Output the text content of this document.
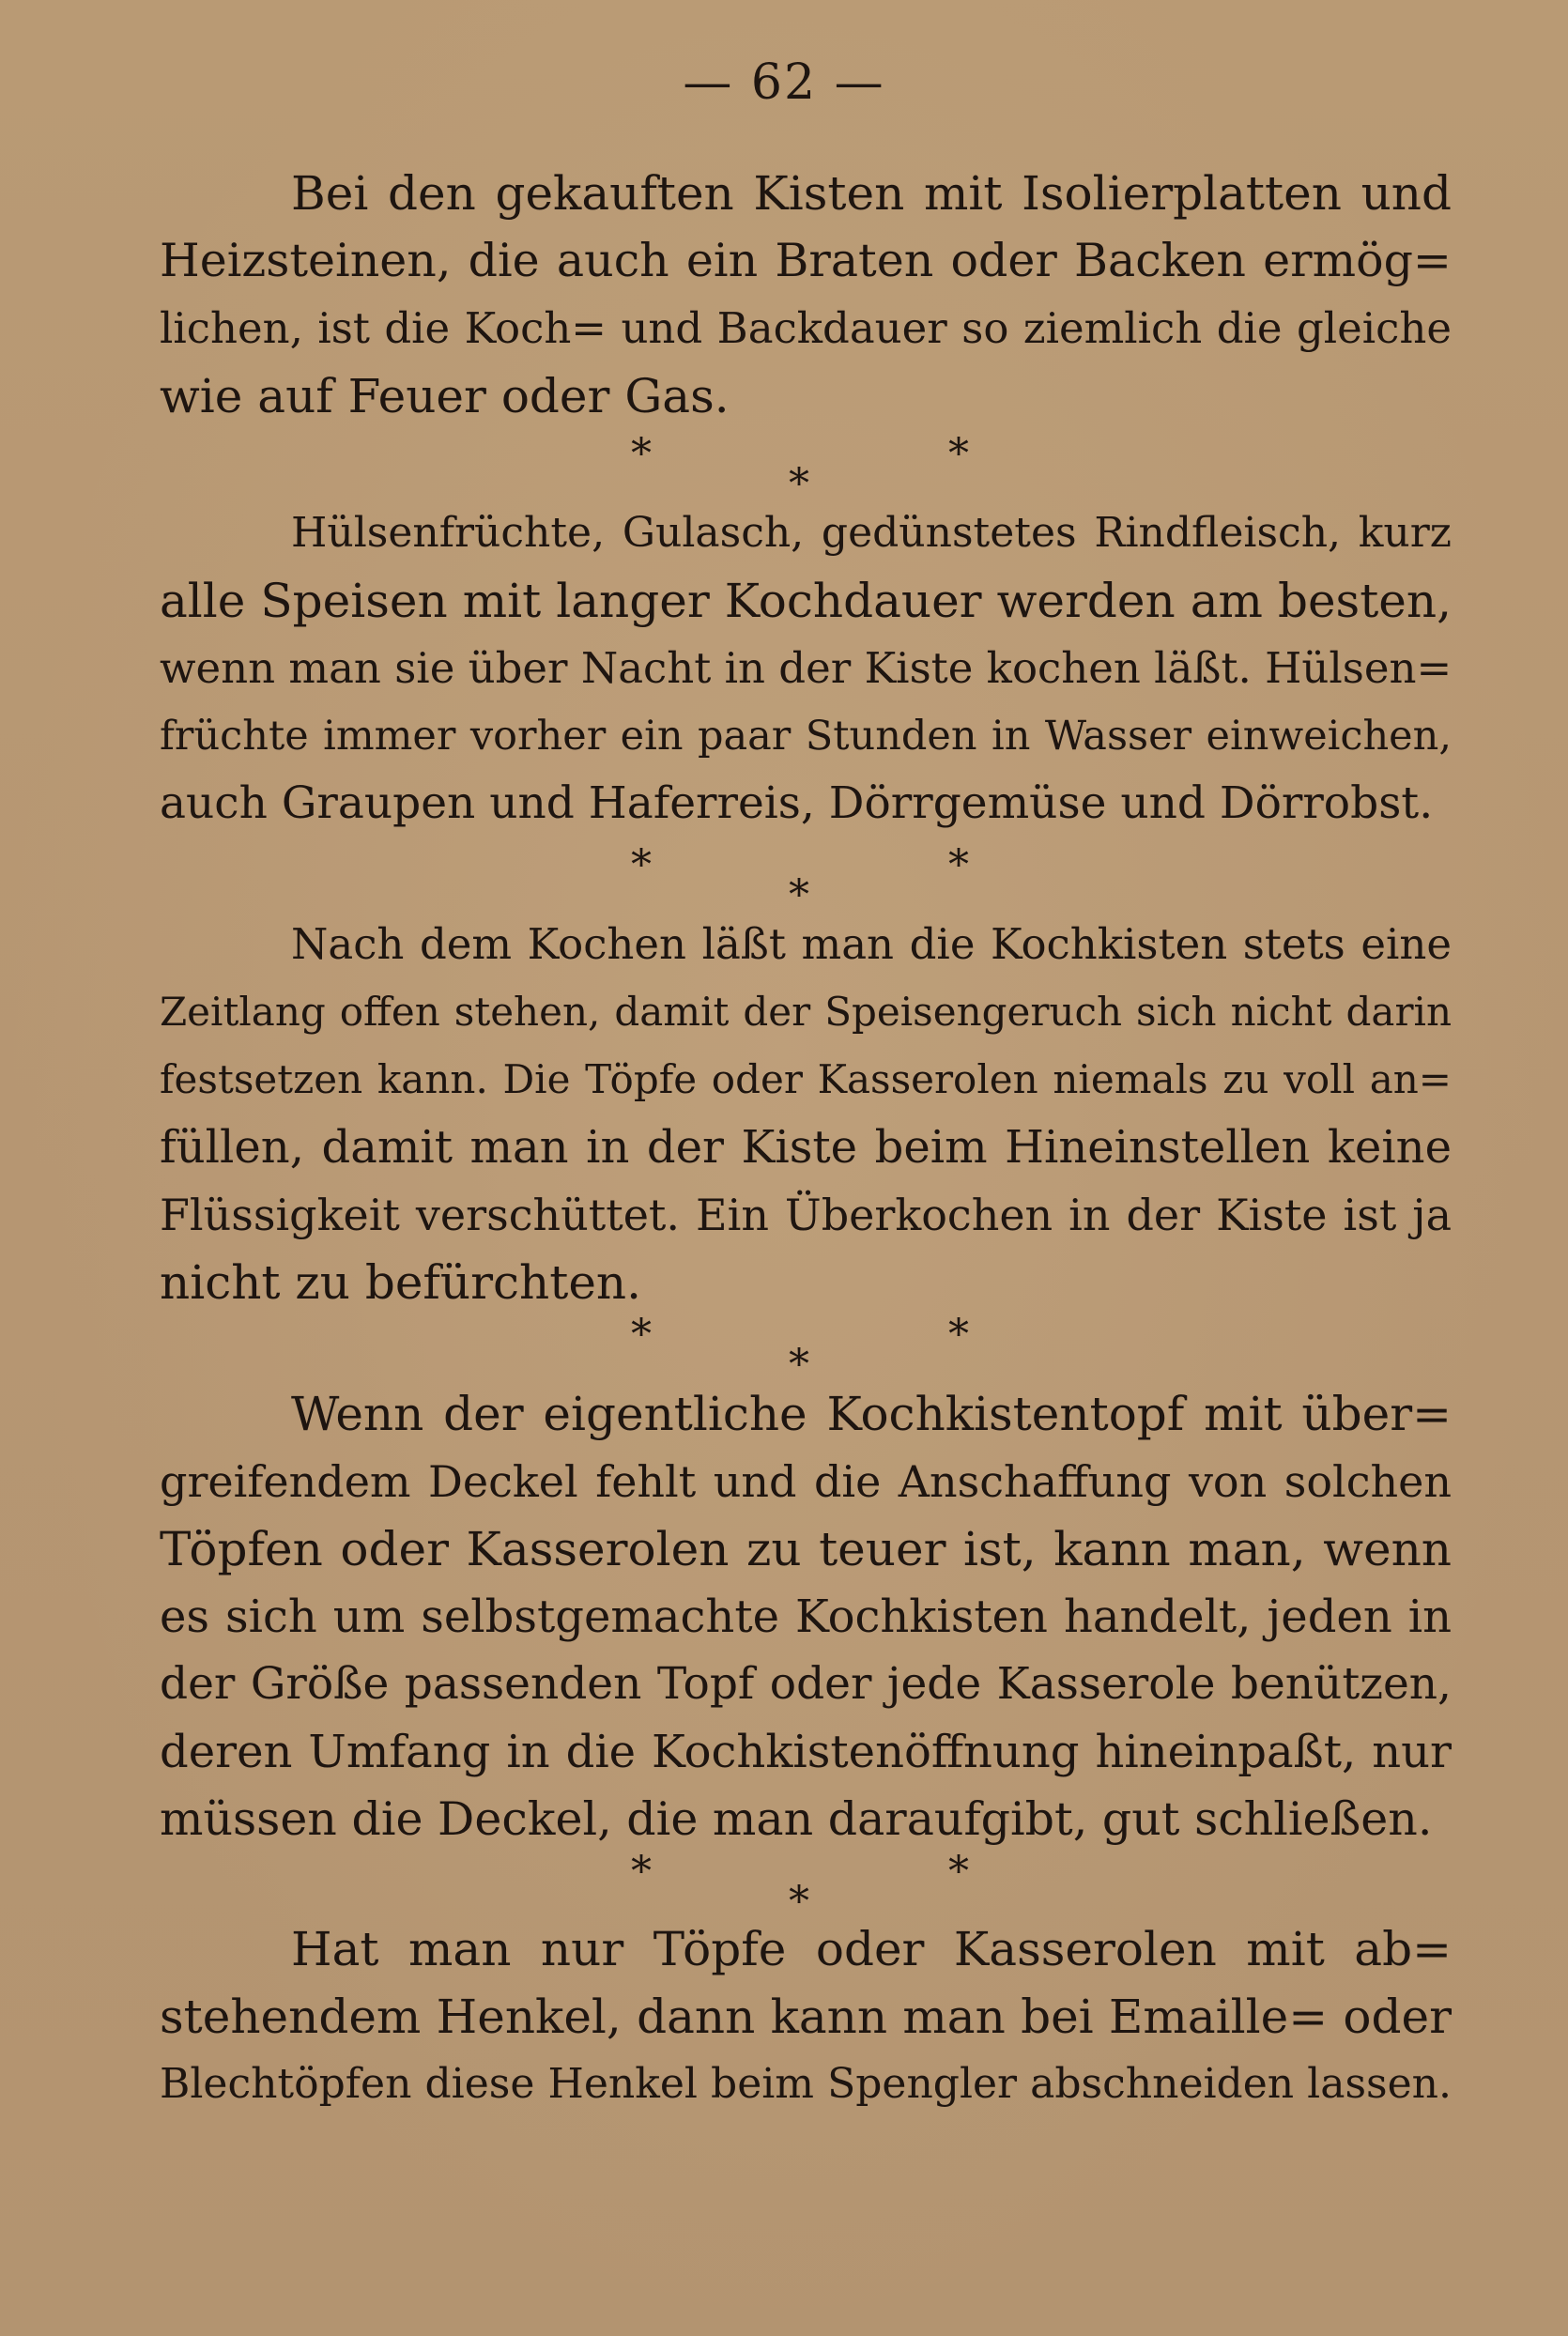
— 62 —
Bei den gekauften Kisten mit Isolierplatten und
Heizsteinen, die auch ein Braten oder Backen ermög=
lichen, ist die Koch= und Backdauer so ziemlich die gleiche
wie auf Feuer oder Gas.
*	*
*
Hülsenfrüchte, Gulasch, gedünstetes Rindfleisch, kurz
alle Speisen mit langer Kochdauer werden am besten,
wenn man sie über Nacht in der Kiste kochen läßt. Hülsen=
früchte immer vorher ein paar Stunden in Wasser einweichen,
auch Graupen und Haferreis, Dörrgemüse und Dörrobst.
*	*
*
Nach dem Kochen läßt man die Kochkisten stets eine
Zeitlang offen stehen, damit der Speisengeruch sich nicht darin
festsetzen kann. Die Töpfe oder Kasserolen niemals zu voll an=
füllen, damit man in der Kiste beim Hineinstellen keine
Flüssigkeit verschüttet. Ein Überkochen in der Kiste ist ja
nicht zu befürchten.
*	*
*
Wenn der eigentliche Kochkistentopf mit über=
greifendem Deckel fehlt und die Anschaffung von solchen
Töpfen oder Kasserolen zu teuer ist, kann man, wenn
es sich um selbstgemachte Kochkisten handelt, jeden in
der Größe passenden Topf oder jede Kasserole benützen,
deren Umfang in die Kochkistenöffnung hineinpaßt, nur
müssen die Deckel, die man daraufgibt, gut schließen.
*	*
*
Hat man nur Töpfe oder Kasserolen mit ab=
stehendem Henkel, dann kann man bei Emaille= oder
Blechtöpfen diese Henkel beim Spengler abschneiden lassen.
